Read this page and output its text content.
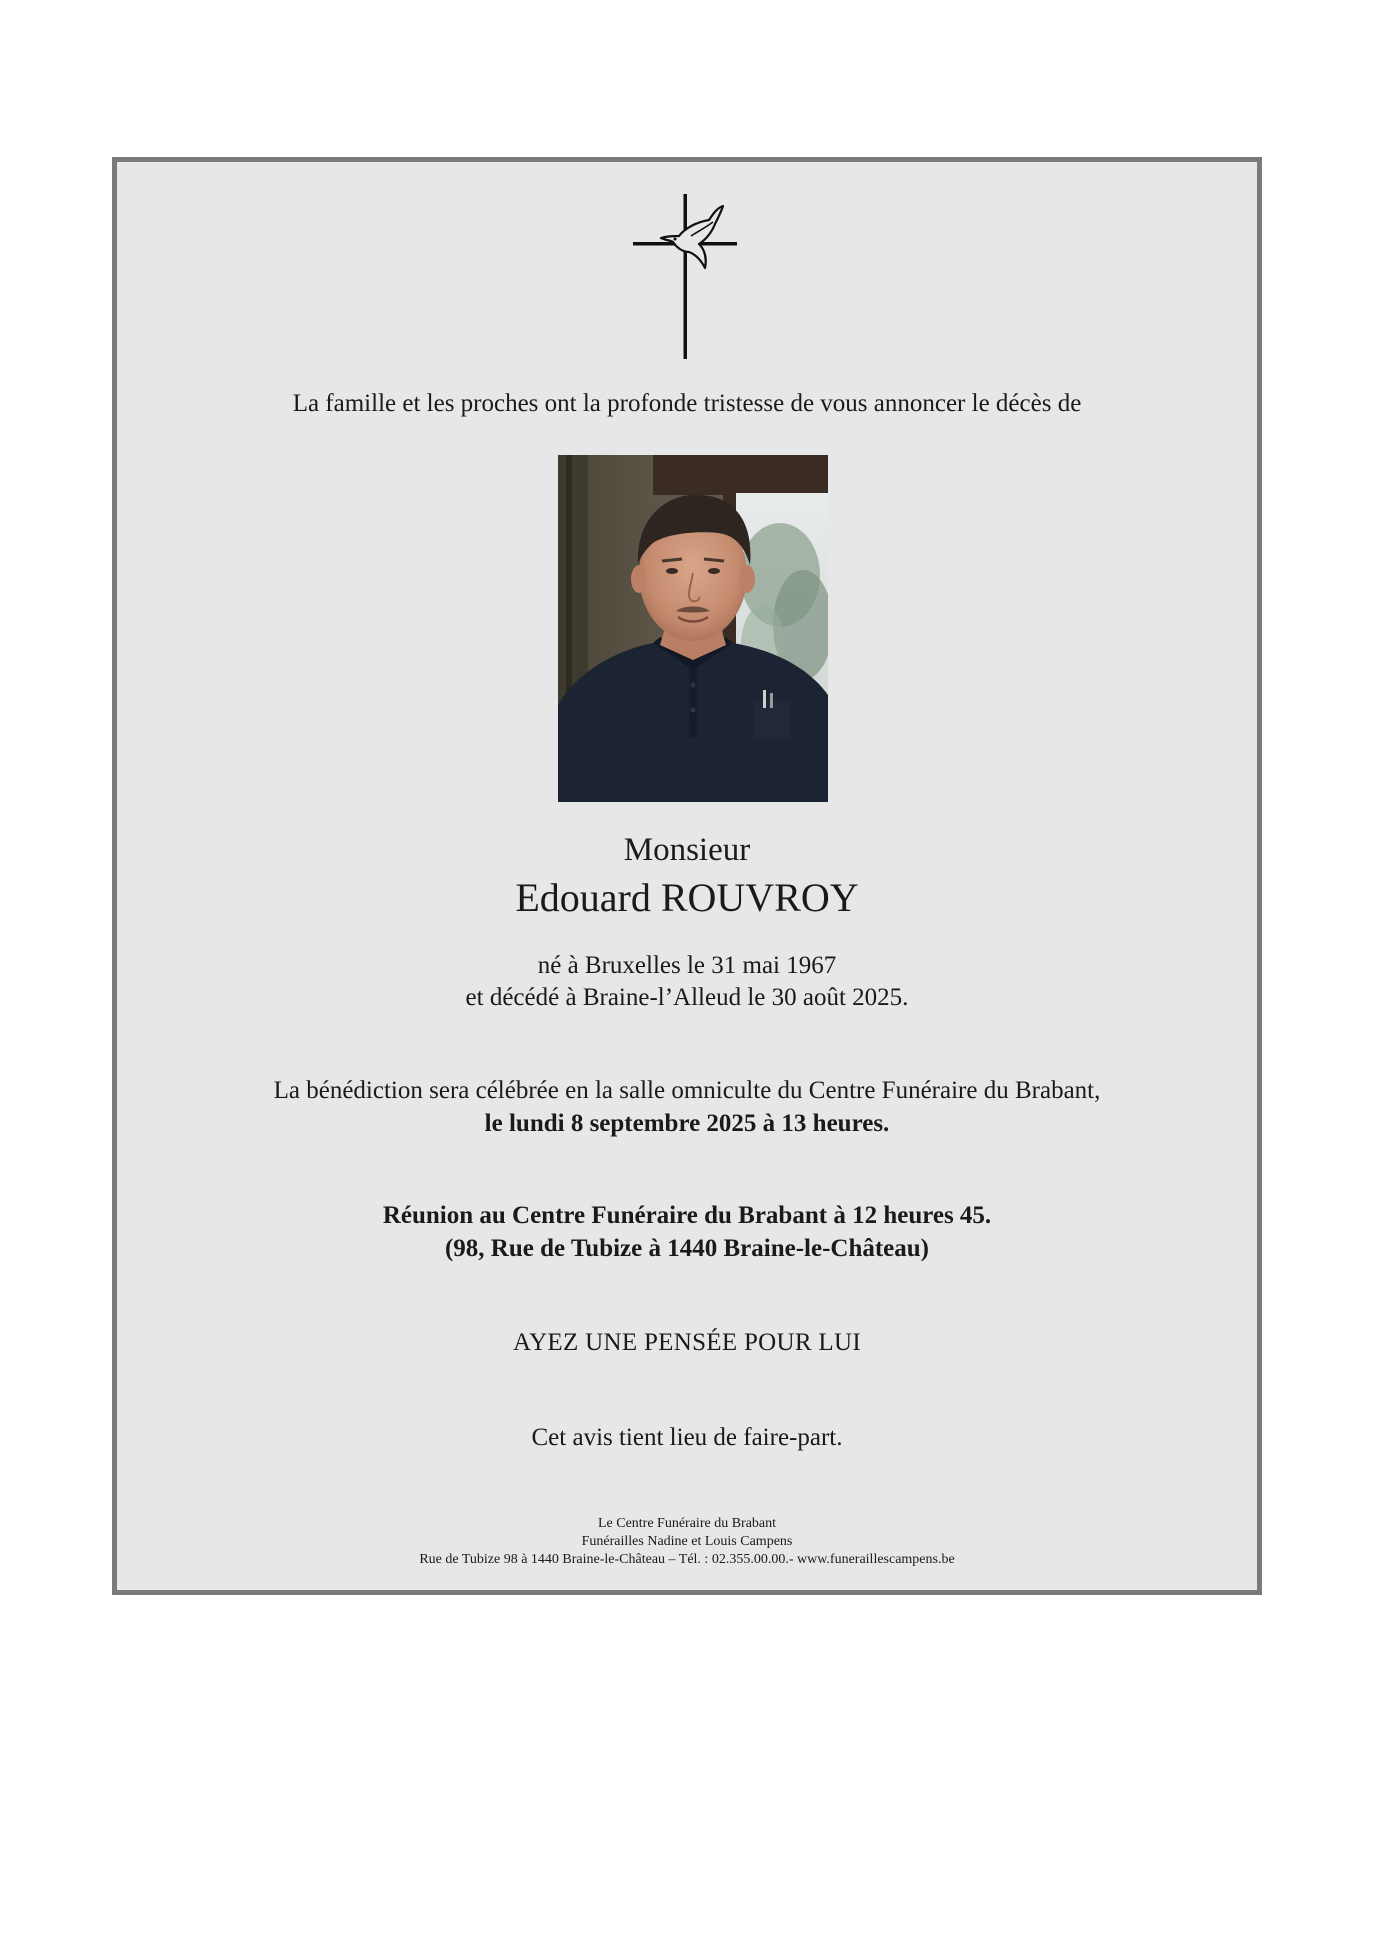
La famille et les proches ont la profonde tristesse de vous annoncer le décès de

Monsieur

Edouard ROUVROY

né à Bruxelles le 31 mai 1967

et décédé à Braine-l’Alleud le 30 août 2025.

La bénédiction sera célébrée en la salle omniculte du Centre Funéraire du Brabant,

le lundi 8 septembre 2025 à 13 heures.

Réunion au Centre Funéraire du Brabant à 12 heures 45.

(98, Rue de Tubize à 1440 Braine-le-Château)

AYEZ UNE PENSÉE POUR LUI

Cet avis tient lieu de faire-part.

Le Centre Funéraire du Brabant

Funérailles Nadine et Louis Campens

Rue de Tubize 98 à 1440 Braine-le-Château – Tél. : 02.355.00.00.- www.funeraillescampens.be
